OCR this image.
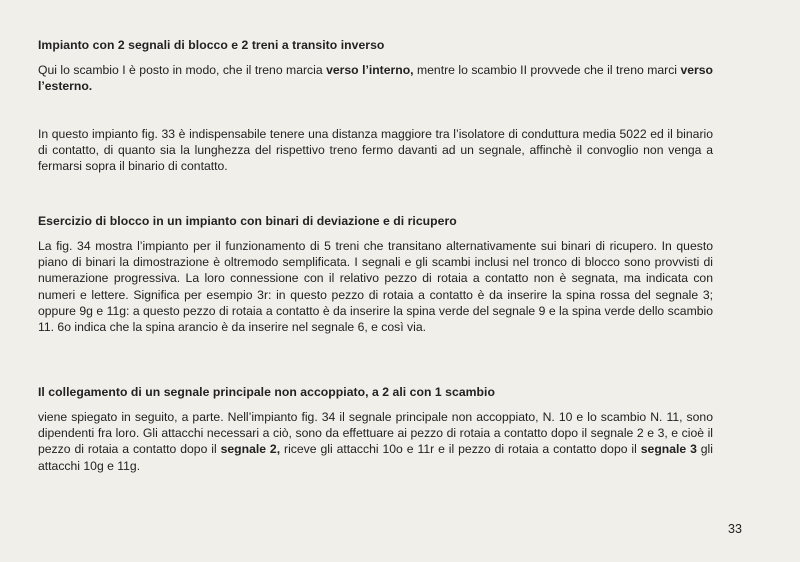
Impianto con 2 segnali di blocco e 2 treni a transito inverso

Qui lo scambio I è posto in modo, che il treno marcia verso l’interno, mentre lo scambio II provvede che il treno marci verso l’esterno.

In questo impianto fig. 33 è indispensabile tenere una distanza maggiore tra l’isolatore di conduttura media 5022 ed il binario di contatto, di quanto sia la lunghezza del rispettivo treno fermo davanti ad un segnale, affinchè il convoglio non venga a fermarsi sopra il binario di contatto.

Esercizio di blocco in un impianto con binari di deviazione e di ricupero

La fig. 34 mostra l’impianto per il funzionamento di 5 treni che transitano alternativamente sui binari di ricupero. In questo piano di binari la dimostrazione è oltremodo semplificata. I segnali e gli scambi inclusi nel tronco di blocco sono provvisti di numerazione progressiva. La loro connessione con il relativo pezzo di rotaia a contatto non è segnata, ma indicata con numeri e lettere. Significa per esempio 3r: in questo pezzo di rotaia a contatto è da inserire la spina rossa del segnale 3; oppure 9g e 11g: a questo pezzo di rotaia a contatto è da inserire la spina verde del segnale 9 e la spina verde dello scambio 11. 6o indica che la spina arancio è da inserire nel segnale 6, e così via.

Il collegamento di un segnale principale non accoppiato, a 2 ali con 1 scambio

viene spiegato in seguito, a parte. Nell’impianto fig. 34 il segnale principale non accoppiato, N. 10 e lo scambio N. 11, sono dipendenti fra loro. Gli attacchi necessari a ciò, sono da effettuare ai pezzo di rotaia a contatto dopo il segnale 2 e 3, e cioè il pezzo di rotaia a contatto dopo il segnale 2, riceve gli attacchi 10o e 11r e il pezzo di rotaia a contatto dopo il segnale 3 gli attacchi 10g e 11g.

33
